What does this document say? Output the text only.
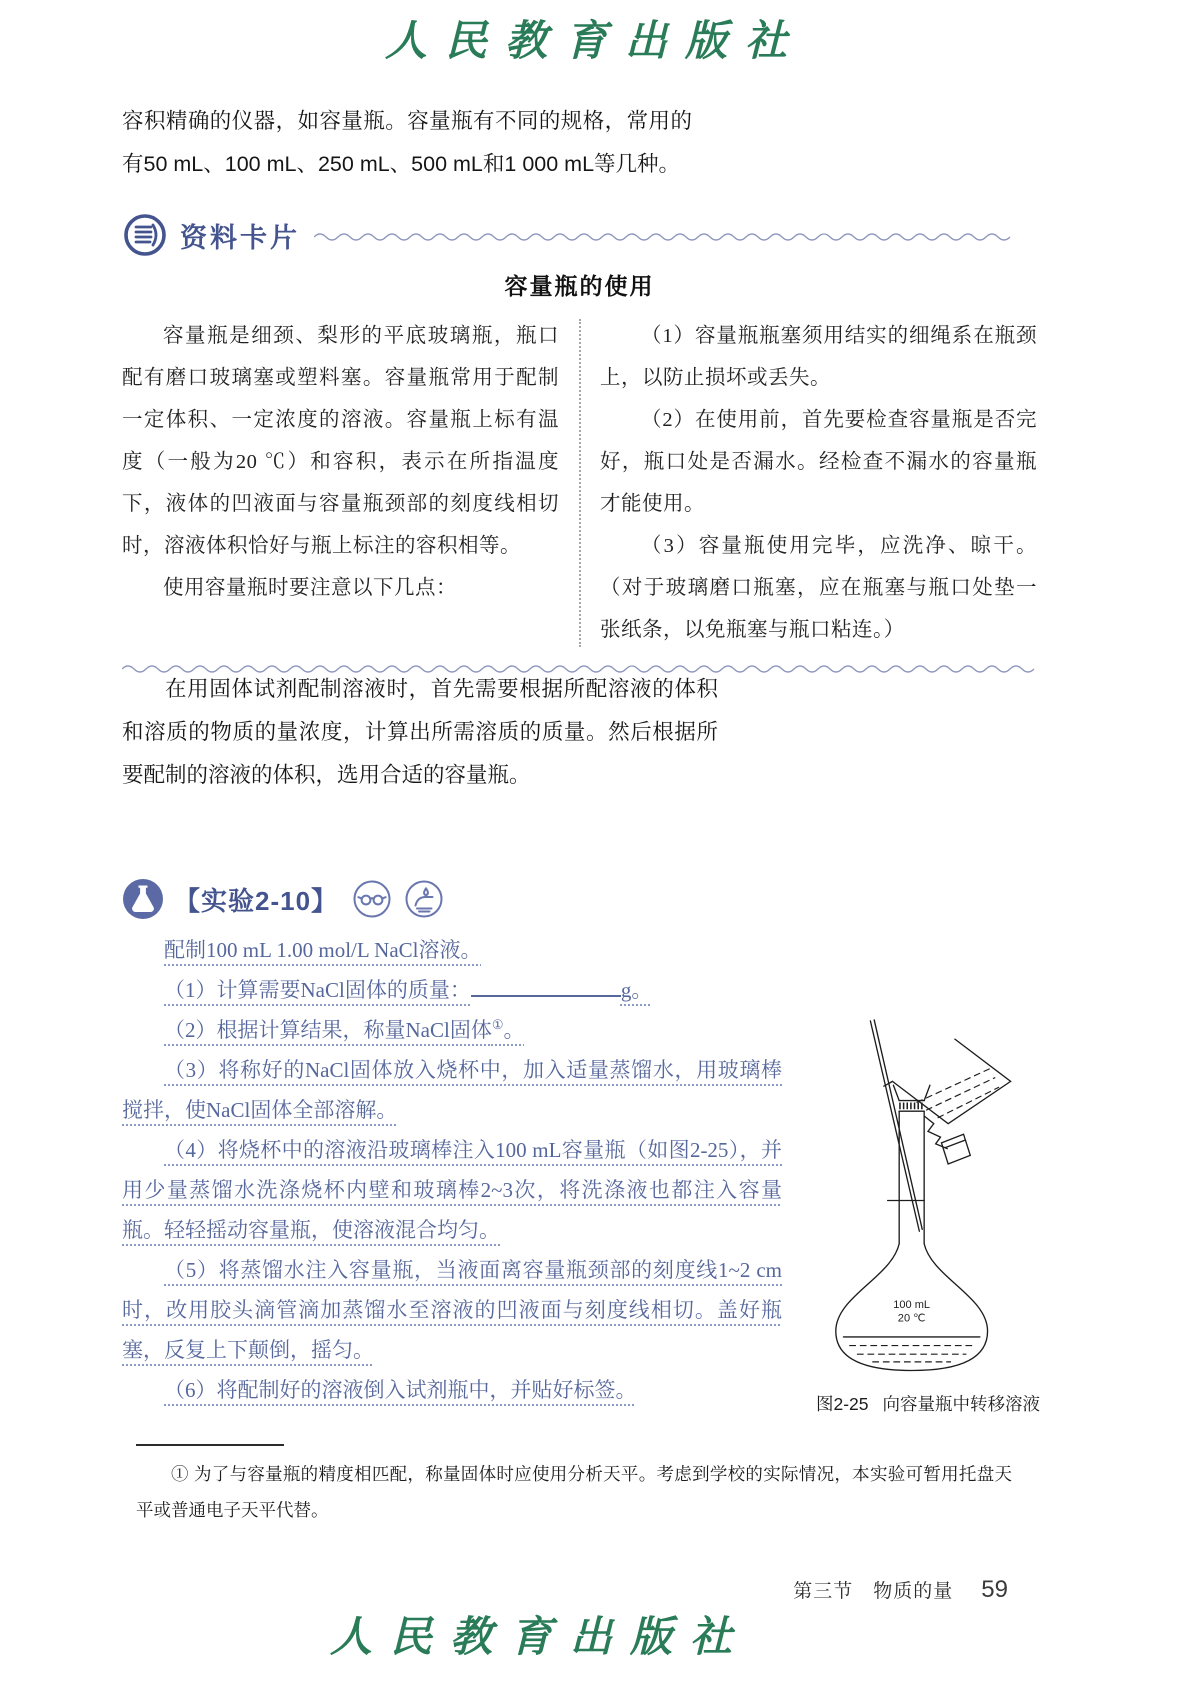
人民教育出版社

容积精确的仪器，如容量瓶。容量瓶有不同的规格，常用的有50 mL、100 mL、250 mL、500 mL和1 000 mL等几种。

资料卡片
容量瓶的使用

容量瓶是细颈、梨形的平底玻璃瓶，瓶口配有磨口玻璃塞或塑料塞。容量瓶常用于配制一定体积、一定浓度的溶液。容量瓶上标有温度（一般为20 ℃）和容积，表示在所指温度下，液体的凹液面与容量瓶颈部的刻度线相切时，溶液体积恰好与瓶上标注的容积相等。

使用容量瓶时要注意以下几点：

（1）容量瓶瓶塞须用结实的细绳系在瓶颈上，以防止损坏或丢失。

（2）在使用前，首先要检查容量瓶是否完好，瓶口处是否漏水。经检查不漏水的容量瓶才能使用。

（3）容量瓶使用完毕，应洗净、晾干。（对于玻璃磨口瓶塞，应在瓶塞与瓶口处垫一张纸条，以免瓶塞与瓶口粘连。）

在用固体试剂配制溶液时，首先需要根据所配溶液的体积和溶质的物质的量浓度，计算出所需溶质的质量。然后根据所要配制的溶液的体积，选用合适的容量瓶。

【实验2-10】

配制100 mL 1.00 mol/L NaCl溶液。

（1）计算需要NaCl固体的质量：	g。

（2）根据计算结果，称量NaCl固体①。

（3）将称好的NaCl固体放入烧杯中，加入适量蒸馏水，用玻璃棒搅拌，使NaCl固体全部溶解。

（4）将烧杯中的溶液沿玻璃棒注入100 mL容量瓶（如图2-25），并用少量蒸馏水洗涤烧杯内壁和玻璃棒2~3次，将洗涤液也都注入容量瓶。轻轻摇动容量瓶，使溶液混合均匀。

（5）将蒸馏水注入容量瓶，当液面离容量瓶颈部的刻度线1~2 cm时，改用胶头滴管滴加蒸馏水至溶液的凹液面与刻度线相切。盖好瓶塞，反复上下颠倒，摇匀。

（6）将配制好的溶液倒入试剂瓶中，并贴好标签。

100 mL
20 ℃
图2-25 向容量瓶中转移溶液

① 为了与容量瓶的精度相匹配，称量固体时应使用分析天平。考虑到学校的实际情况，本实验可暂用托盘天平或普通电子天平代替。

第三节　物质的量 59
人民教育出版社
